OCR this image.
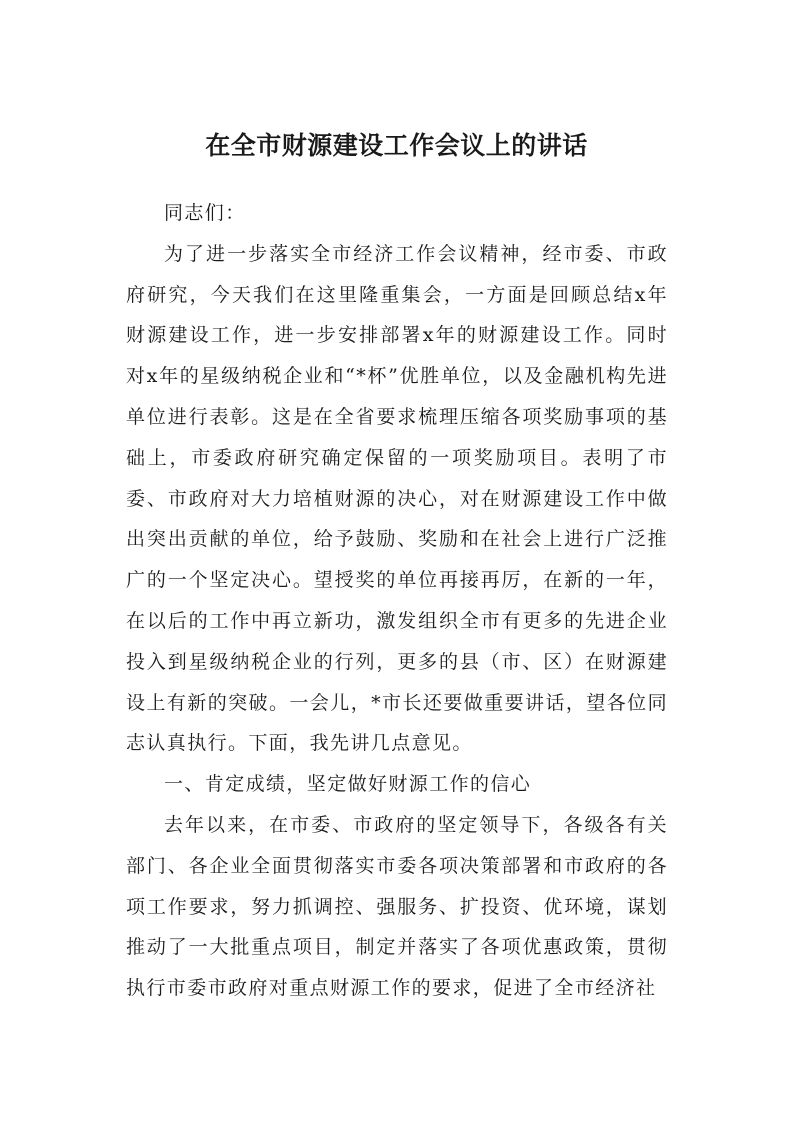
在全市财源建设工作会议上的讲话

同志们：

为了进一步落实全市经济工作会议精神，经市委、市政府研究，今天我们在这里隆重集会，一方面是回顾总结x年财源建设工作，进一步安排部署x年的财源建设工作。同时对x年的星级纳税企业和“*杯”优胜单位，以及金融机构先进单位进行表彰。这是在全省要求梳理压缩各项奖励事项的基础上，市委政府研究确定保留的一项奖励项目。表明了市委、市政府对大力培植财源的决心，对在财源建设工作中做出突出贡献的单位，给予鼓励、奖励和在社会上进行广泛推广的一个坚定决心。望授奖的单位再接再厉，在新的一年，在以后的工作中再立新功，激发组织全市有更多的先进企业投入到星级纳税企业的行列，更多的县（市、区）在财源建设上有新的突破。一会儿，*市长还要做重要讲话，望各位同志认真执行。下面，我先讲几点意见。

一、肯定成绩，坚定做好财源工作的信心

去年以来，在市委、市政府的坚定领导下，各级各有关部门、各企业全面贯彻落实市委各项决策部署和市政府的各项工作要求，努力抓调控、强服务、扩投资、优环境，谋划推动了一大批重点项目，制定并落实了各项优惠政策，贯彻执行市委市政府对重点财源工作的要求，促进了全市经济社
